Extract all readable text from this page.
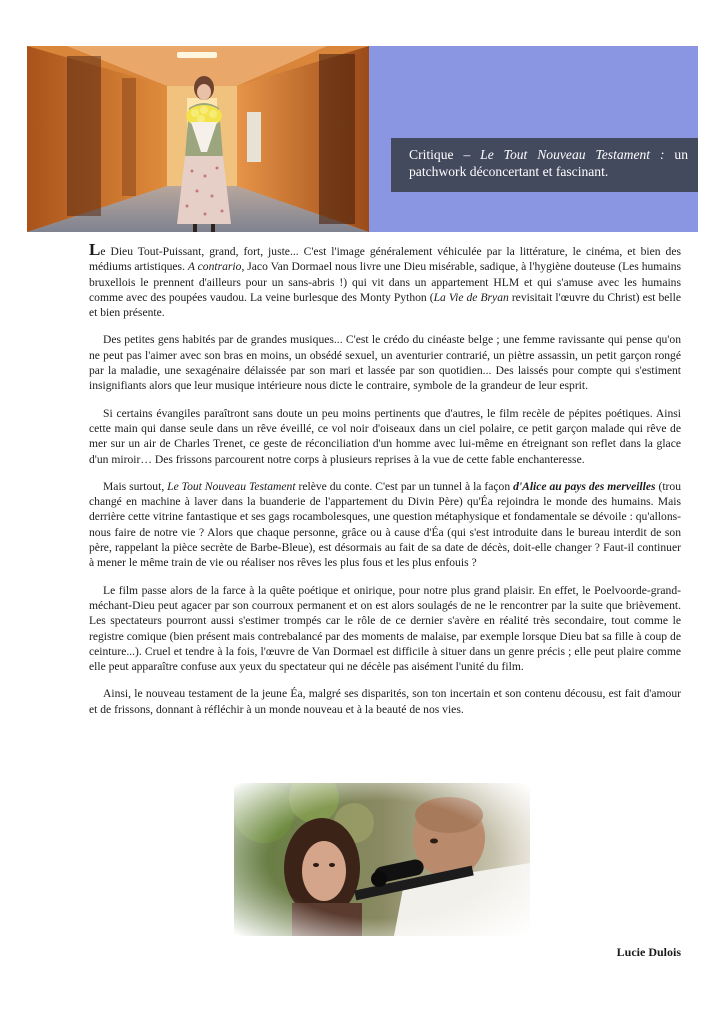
Critique – Le Tout Nouveau Testament : un patchwork déconcertant et fascinant.

Le Dieu Tout-Puissant, grand, fort, juste... C'est l'image généralement véhiculée par la littérature, le cinéma, et bien des médiums artistiques. A contrario, Jaco Van Dormael nous livre une Dieu misérable, sadique, à l'hygiène douteuse (Les humains bruxellois le prennent d'ailleurs pour un sans-abris !) qui vit dans un appartement HLM et qui s'amuse avec les humains comme avec des poupées vaudou. La veine burlesque des Monty Python (La Vie de Bryan revisitait l'œuvre du Christ) est belle et bien présente.

Des petites gens habités par de grandes musiques... C'est le crédo du cinéaste belge ; une femme ravissante qui pense qu'on ne peut pas l'aimer avec son bras en moins, un obsédé sexuel, un aventurier contrarié, un piètre assassin, un petit garçon rongé par la maladie, une sexagénaire délaissée par son mari et lassée par son quotidien... Des laissés pour compte qui s'estiment insignifiants alors que leur musique intérieure nous dicte le contraire, symbole de la grandeur de leur esprit.

Si certains évangiles paraîtront sans doute un peu moins pertinents que d'autres, le film recèle de pépites poétiques. Ainsi cette main qui danse seule dans un rêve éveillé, ce vol noir d'oiseaux dans un ciel polaire, ce petit garçon malade qui rêve de mer sur un air de Charles Trenet, ce geste de réconciliation d'un homme avec lui-même en étreignant son reflet dans la glace d'un miroir… Des frissons parcourent notre corps à plusieurs reprises à la vue de cette fable enchanteresse.

Mais surtout, Le Tout Nouveau Testament relève du conte. C'est par un tunnel à la façon d'Alice au pays des merveilles (trou changé en machine à laver dans la buanderie de l'appartement du Divin Père) qu'Éa rejoindra le monde des humains. Mais derrière cette vitrine fantastique et ses gags rocambolesques, une question métaphysique et fondamentale se dévoile : qu'allons-nous faire de notre vie ? Alors que chaque personne, grâce ou à cause d'Éa (qui s'est introduite dans le bureau interdit de son père, rappelant la pièce secrète de Barbe-Bleue), est désormais au fait de sa date de décès, doit-elle changer ? Faut-il continuer à mener le même train de vie ou réaliser nos rêves les plus fous et les plus enfouis ?

Le film passe alors de la farce à la quête poétique et onirique, pour notre plus grand plaisir. En effet, le Poelvoorde-grand-méchant-Dieu peut agacer par son courroux permanent et on est alors soulagés de ne le rencontrer par la suite que brièvement. Les spectateurs pourront aussi s'estimer trompés car le rôle de ce dernier s'avère en réalité très secondaire, tout comme le registre comique (bien présent mais contrebalancé par des moments de malaise, par exemple lorsque Dieu bat sa fille à coup de ceinture...). Cruel et tendre à la fois, l'œuvre de Van Dormael est difficile à situer dans un genre précis ; elle peut plaire comme elle peut apparaître confuse aux yeux du spectateur qui ne décèle pas aisément l'unité du film.

Ainsi, le nouveau testament de la jeune Éa, malgré ses disparités, son ton incertain et son contenu décousu, est fait d'amour et de frissons, donnant à réfléchir à un monde nouveau et à la beauté de nos vies.

Lucie Dulois
